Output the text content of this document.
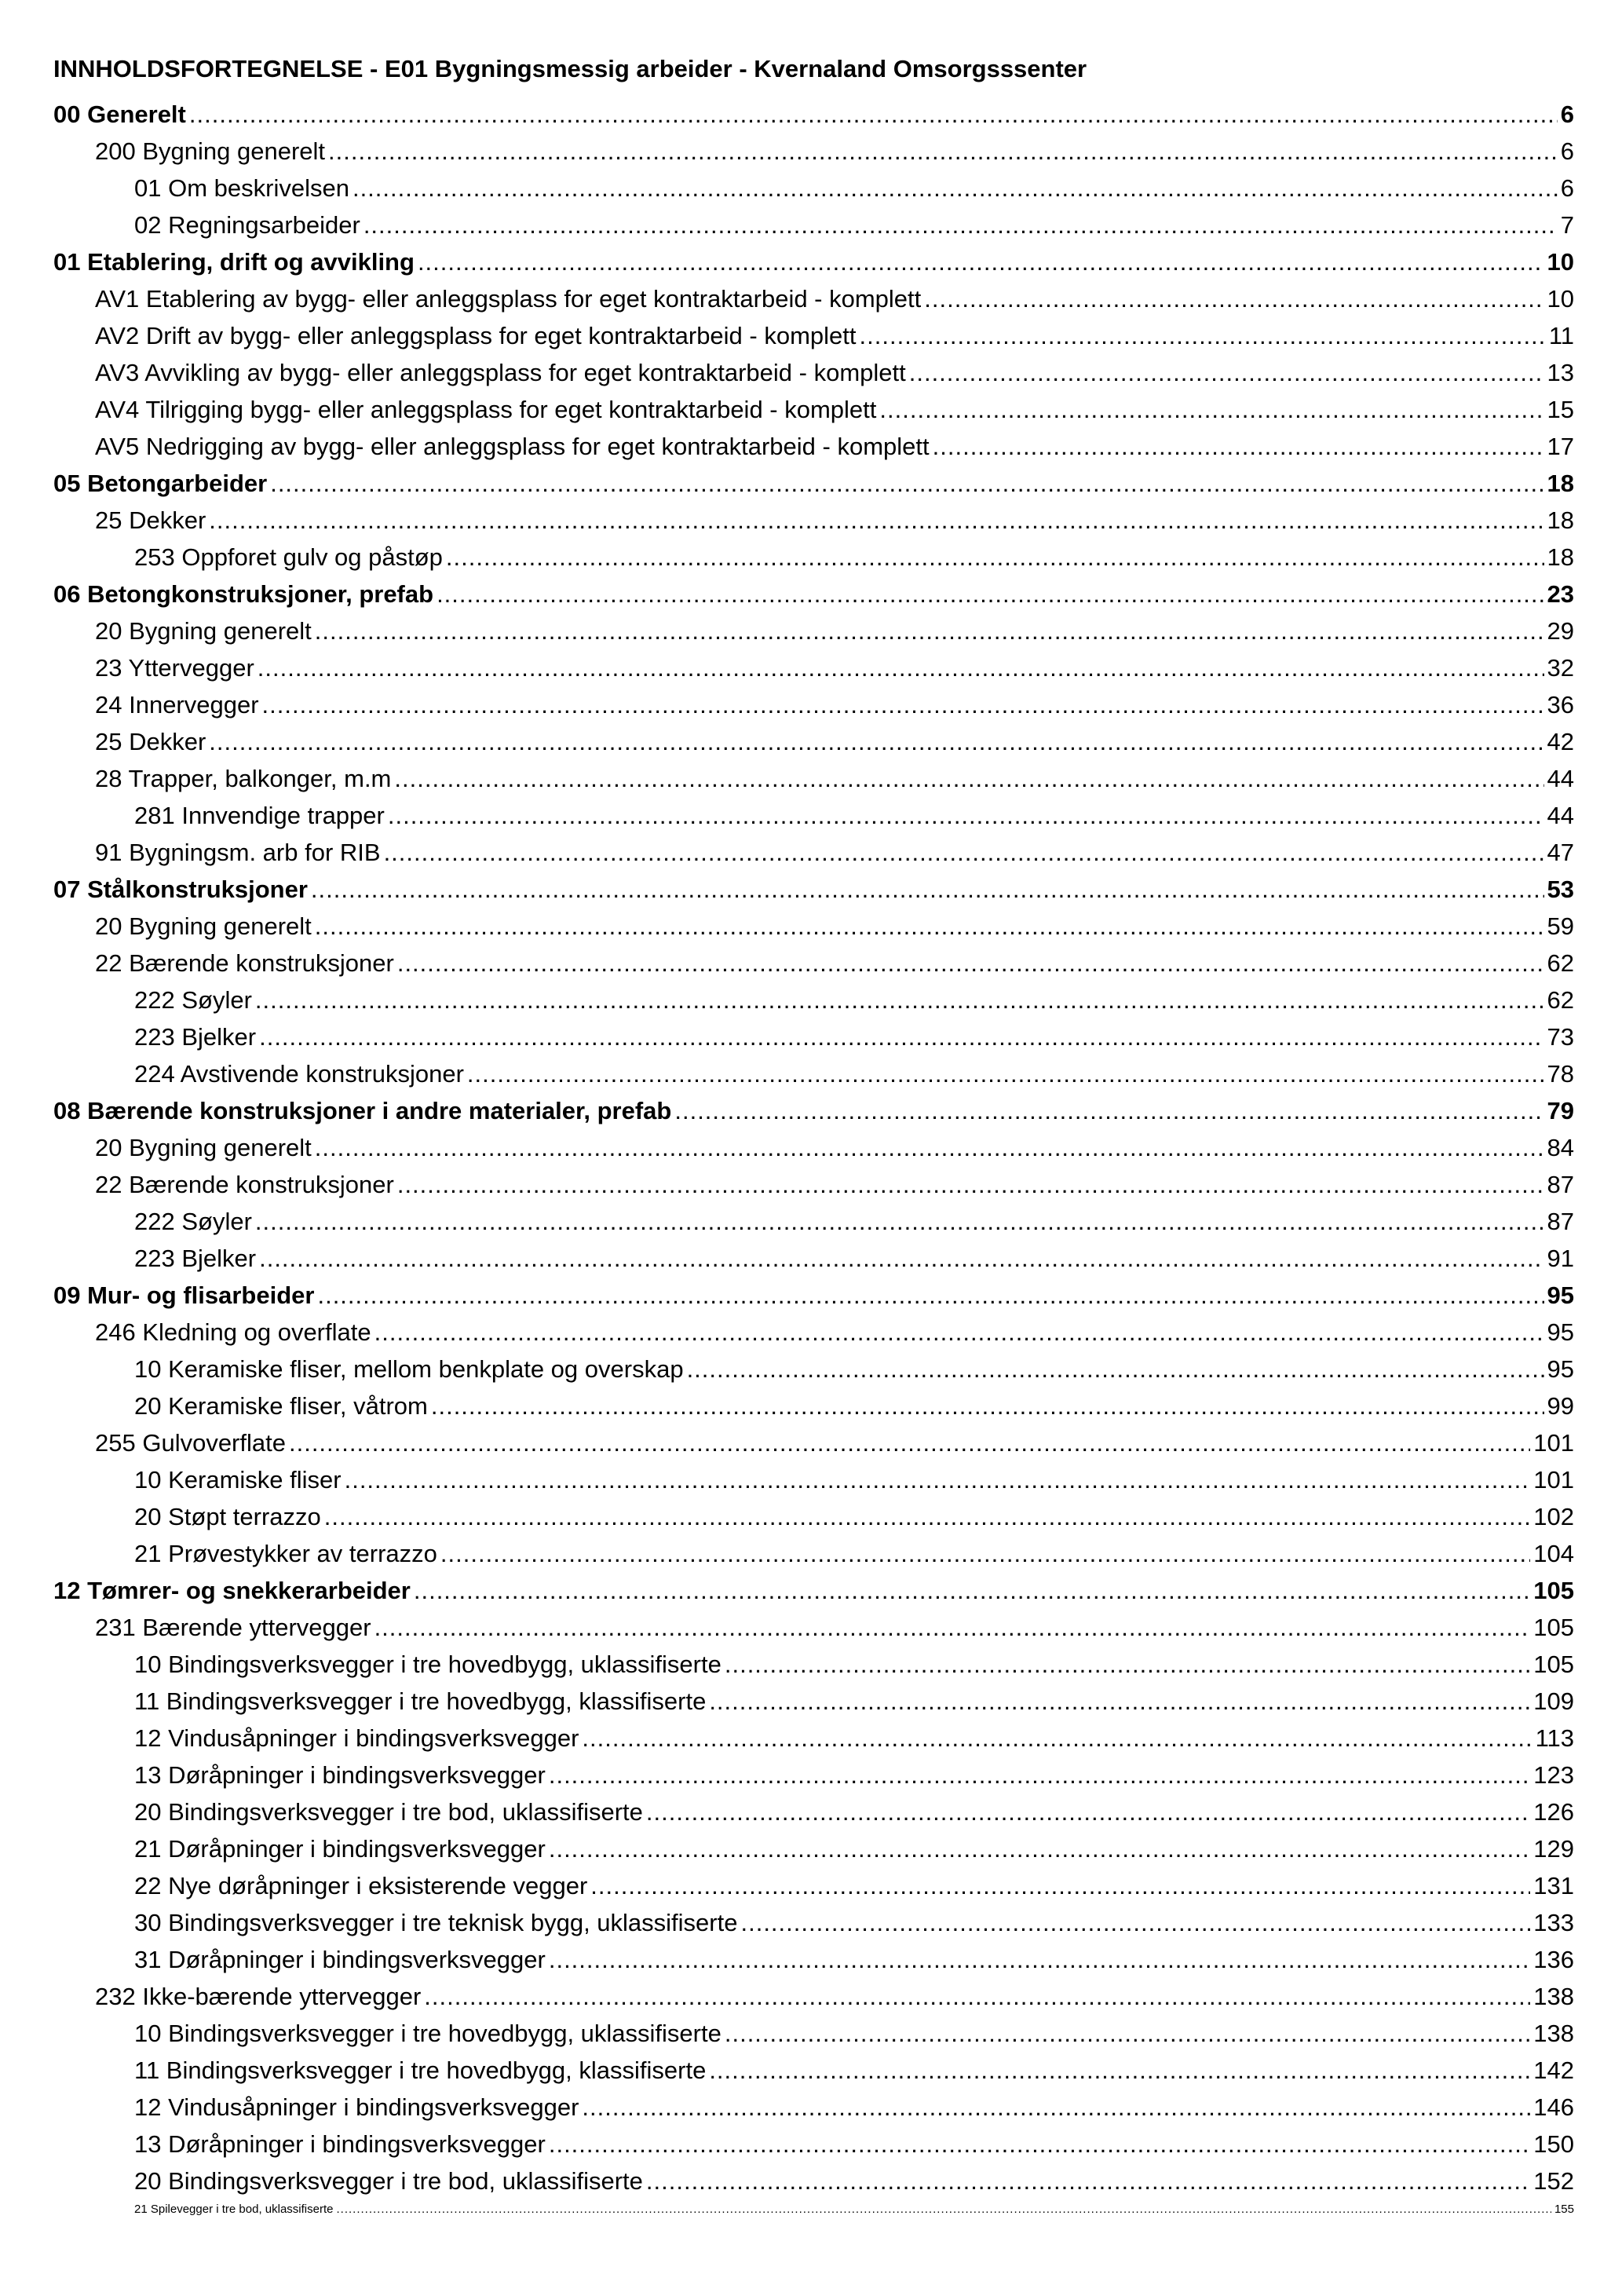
INNHOLDSFORTEGNELSE - E01 Bygningsmessig arbeider - Kvernaland Omsorgsssenter
00 Generelt .....	6
200 Bygning generelt .....	6
01 Om beskrivelsen .....	6
02 Regningsarbeider .....	7
01 Etablering, drift og avvikling .....	10
AV1 Etablering av bygg- eller anleggsplass for eget kontraktarbeid - komplett .....	10
AV2 Drift av bygg- eller anleggsplass for eget kontraktarbeid - komplett .....	11
AV3 Avvikling av bygg- eller anleggsplass for eget kontraktarbeid - komplett .....	13
AV4 Tilrigging bygg- eller anleggsplass for eget kontraktarbeid - komplett .....	15
AV5 Nedrigging av bygg- eller anleggsplass for eget kontraktarbeid - komplett .....	17
05 Betongarbeider .....	18
25 Dekker .....	18
253 Oppforet gulv og påstøp .....	18
06 Betongkonstruksjoner, prefab .....	23
20 Bygning generelt .....	29
23 Yttervegger .....	32
24 Innervegger .....	36
25 Dekker .....	42
28 Trapper, balkonger, m.m .....	44
281 Innvendige trapper .....	44
91 Bygningsm. arb for RIB .....	47
07 Stålkonstruksjoner .....	53
20 Bygning generelt .....	59
22 Bærende konstruksjoner .....	62
222 Søyler .....	62
223 Bjelker .....	73
224 Avstivende konstruksjoner .....	78
08 Bærende konstruksjoner i andre materialer, prefab .....	79
20 Bygning generelt .....	84
22 Bærende konstruksjoner .....	87
222 Søyler .....	87
223 Bjelker .....	91
09 Mur- og flisarbeider .....	95
246 Kledning og overflate .....	95
10 Keramiske fliser, mellom benkplate og overskap .....	95
20 Keramiske fliser, våtrom .....	99
255 Gulvoverflate .....	101
10 Keramiske fliser .....	101
20 Støpt terrazzo .....	102
21 Prøvestykker av terrazzo .....	104
12 Tømrer- og snekkerarbeider .....	105
231 Bærende yttervegger .....	105
10 Bindingsverksvegger i tre hovedbygg, uklassifiserte .....	105
11 Bindingsverksvegger i tre hovedbygg, klassifiserte .....	109
12 Vindusåpninger i bindingsverksvegger .....	113
13 Døråpninger i bindingsverksvegger .....	123
20 Bindingsverksvegger i tre bod, uklassifiserte .....	126
21 Døråpninger i bindingsverksvegger .....	129
22 Nye døråpninger i eksisterende vegger .....	131
30 Bindingsverksvegger i tre teknisk bygg, uklassifiserte .....	133
31 Døråpninger i bindingsverksvegger .....	136
232 Ikke-bærende yttervegger .....	138
10 Bindingsverksvegger i tre hovedbygg, uklassifiserte .....	138
11 Bindingsverksvegger i tre hovedbygg, klassifiserte .....	142
12 Vindusåpninger i bindingsverksvegger .....	146
13 Døråpninger i bindingsverksvegger .....	150
20 Bindingsverksvegger i tre bod, uklassifiserte .....	152
21 Spilevegger i tre bod, uklassifiserte .....	155
